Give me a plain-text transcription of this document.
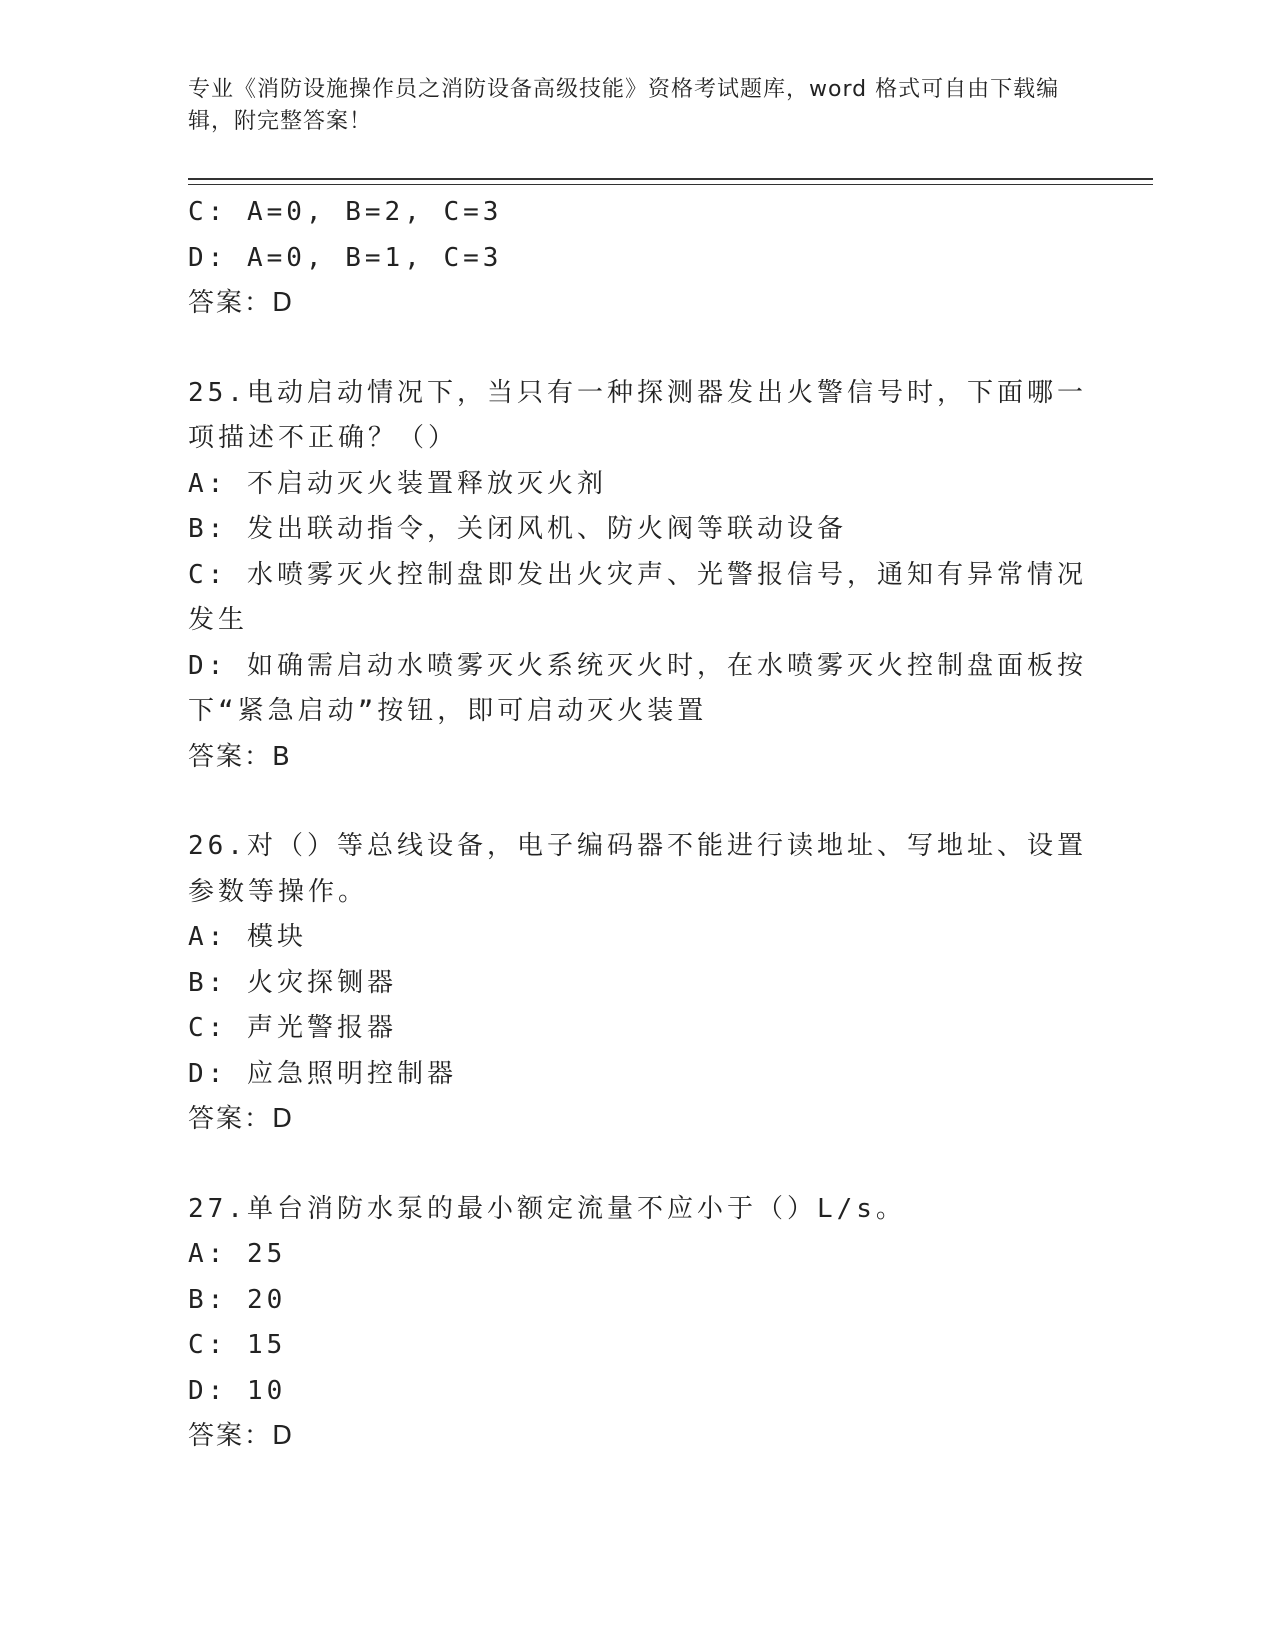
专业《消防设施操作员之消防设备高级技能》资格考试题库，word 格式可自由下载编辑，附完整答案！
C: A=0, B=2, C=3
D: A=0, B=1, C=3
答案：D
25.电动启动情况下，当只有一种探测器发出火警信号时，下面哪一项描述不正确？（）
A: 不启动灭火装置释放灭火剂
B: 发出联动指令，关闭风机、防火阀等联动设备
C: 水喷雾灭火控制盘即发出火灾声、光警报信号，通知有异常情况发生
D: 如确需启动水喷雾灭火系统灭火时，在水喷雾灭火控制盘面板按下“紧急启动”按钮，即可启动灭火装置
答案：B
26.对（）等总线设备，电子编码器不能进行读地址、写地址、设置参数等操作。
A: 模块
B: 火灾探铡器
C: 声光警报器
D: 应急照明控制器
答案：D
27.单台消防水泵的最小额定流量不应小于（）L/s。
A: 25
B: 20
C: 15
D: 10
答案：D
